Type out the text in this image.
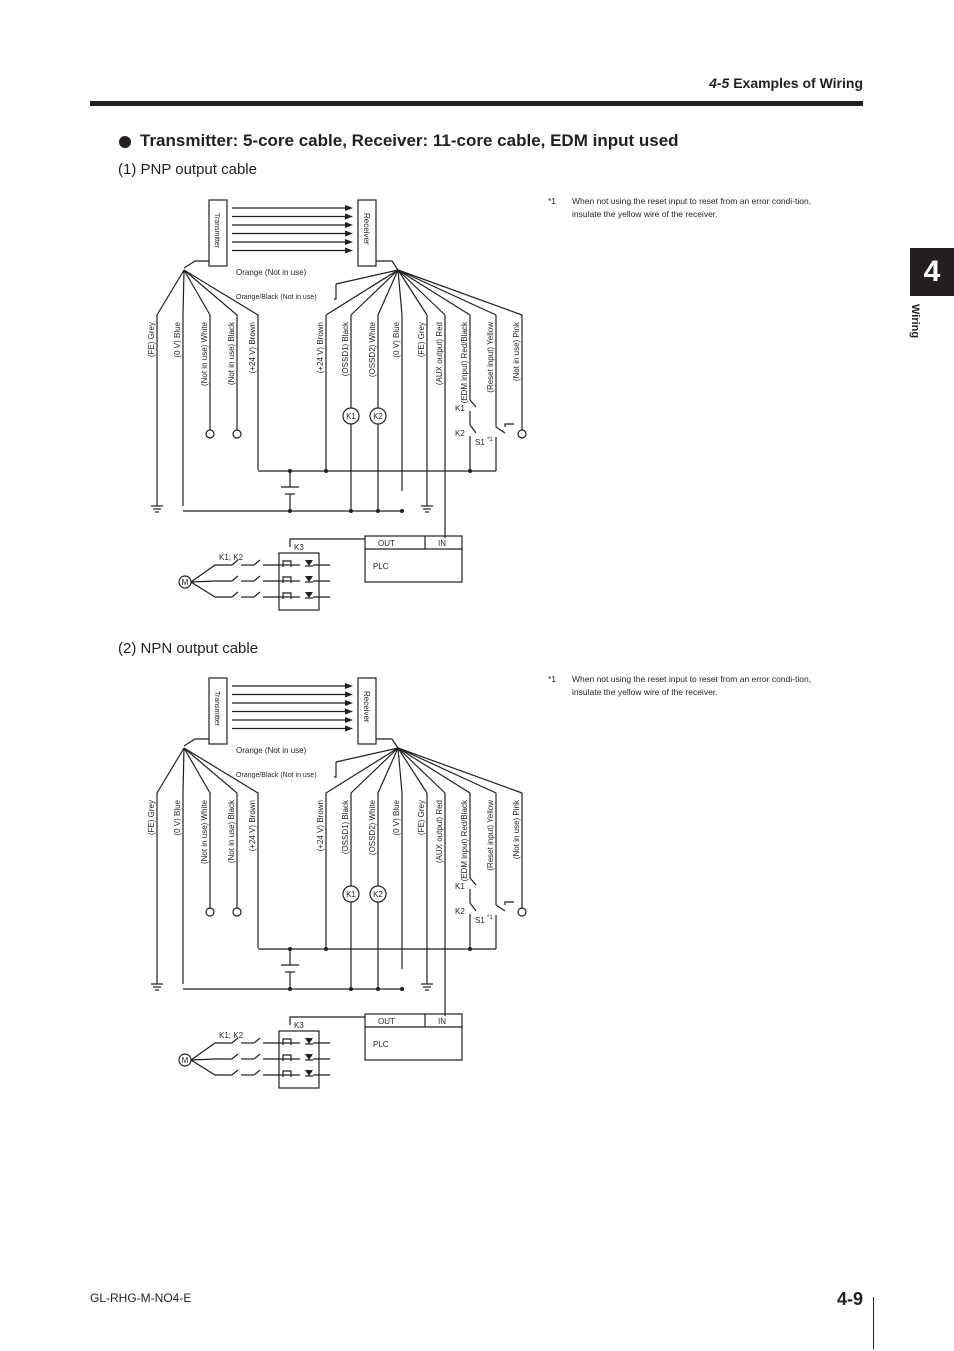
4-5 Examples of Wiring
Transmitter: 5-core cable, Receiver: 11-core cable, EDM input used
(1) PNP output cable
*1 When not using the reset input to reset from an error condi-tion, insulate the yellow wire of the receiver.
(2) NPN output cable
*1 When not using the reset input to reset from an error condi-tion, insulate the yellow wire of the receiver.
Transmitter	Receiver
(FE) Grey (0 V) Blue (Not in use) White (Not in use) Black (+24 V) Brown
Orange (Not in use)
Orange/Black (Not in use)
(+24 V) Brown (OSSD1) Black (OSSD2) White (0 V) Blue (FE) Grey (AUX output) Red (EDM input) Red/Black (Reset input) Yellow (Not in use) Pink
K1 K2
K1
K2
S1 *1
OUT	IN
PLC
K3
M
K1; K2
Transmitter	Receiver
(FE) Grey (0 V) Blue (Not in use) White (Not in use) Black (+24 V) Brown
Orange (Not in use)
Orange/Black (Not in use)
(+24 V) Brown (OSSD1) Black (OSSD2) White (0 V) Blue (FE) Grey (AUX output) Red (EDM input) Red/Black (Reset input) Yellow (Not in use) Pink
K1 K2
K1
K2
S1 *1
OUT	IN
PLC
K3
M
K1; K2
4
Wiring
GL-RHG-M-NO4-E	4-9
